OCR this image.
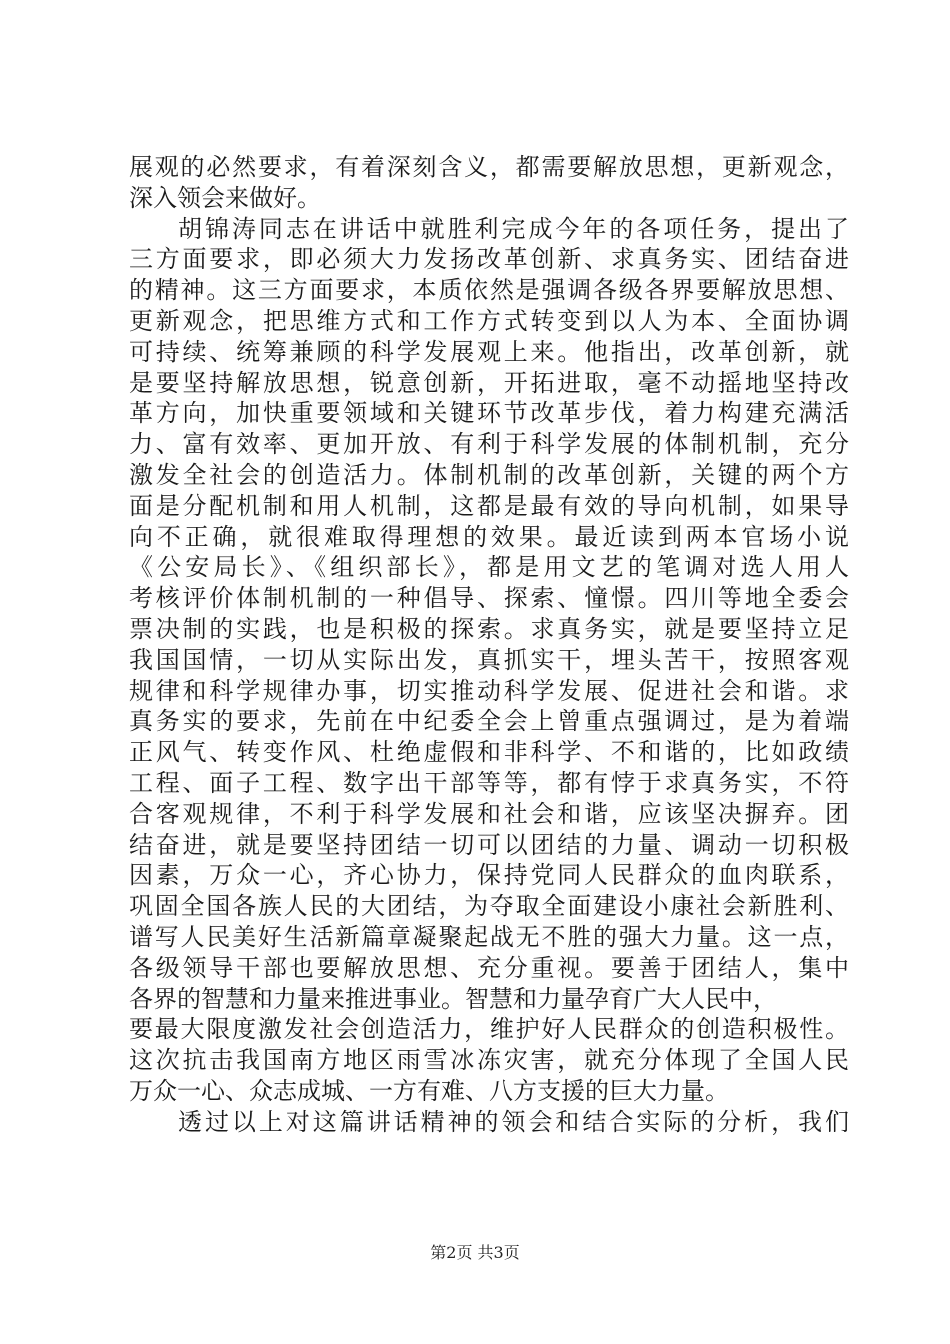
展观的必然要求，有着深刻含义，都需要解放思想，更新观念，
深入领会来做好。
胡锦涛同志在讲话中就胜利完成今年的各项任务，提出了
三方面要求，即必须大力发扬改革创新、求真务实、团结奋进
的精神。这三方面要求，本质依然是强调各级各界要解放思想、
更新观念，把思维方式和工作方式转变到以人为本、全面协调
可持续、统筹兼顾的科学发展观上来。他指出，改革创新，就
是要坚持解放思想，锐意创新，开拓进取，毫不动摇地坚持改
革方向，加快重要领域和关键环节改革步伐，着力构建充满活
力、富有效率、更加开放、有利于科学发展的体制机制，充分
激发全社会的创造活力。体制机制的改革创新，关键的两个方
面是分配机制和用人机制，这都是最有效的导向机制，如果导
向不正确，就很难取得理想的效果。最近读到两本官场小说
《公安局长》、《组织部长》，都是用文艺的笔调对选人用人
考核评价体制机制的一种倡导、探索、憧憬。四川等地全委会
票决制的实践，也是积极的探索。求真务实，就是要坚持立足
我国国情，一切从实际出发，真抓实干，埋头苦干，按照客观
规律和科学规律办事，切实推动科学发展、促进社会和谐。求
真务实的要求，先前在中纪委全会上曾重点强调过，是为着端
正风气、转变作风、杜绝虚假和非科学、不和谐的，比如政绩
工程、面子工程、数字出干部等等，都有悖于求真务实，不符
合客观规律，不利于科学发展和社会和谐，应该坚决摒弃。团
结奋进，就是要坚持团结一切可以团结的力量、调动一切积极
因素，万众一心，齐心协力，保持党同人民群众的血肉联系，
巩固全国各族人民的大团结，为夺取全面建设小康社会新胜利、
谱写人民美好生活新篇章凝聚起战无不胜的强大力量。这一点，
各级领导干部也要解放思想、充分重视。要善于团结人，集中
各界的智慧和力量来推进事业。智慧和力量孕育广大人民中，
要最大限度激发社会创造活力，维护好人民群众的创造积极性。
这次抗击我国南方地区雨雪冰冻灾害，就充分体现了全国人民
万众一心、众志成城、一方有难、八方支援的巨大力量。
透过以上对这篇讲话精神的领会和结合实际的分析，我们
第2页 共3页
